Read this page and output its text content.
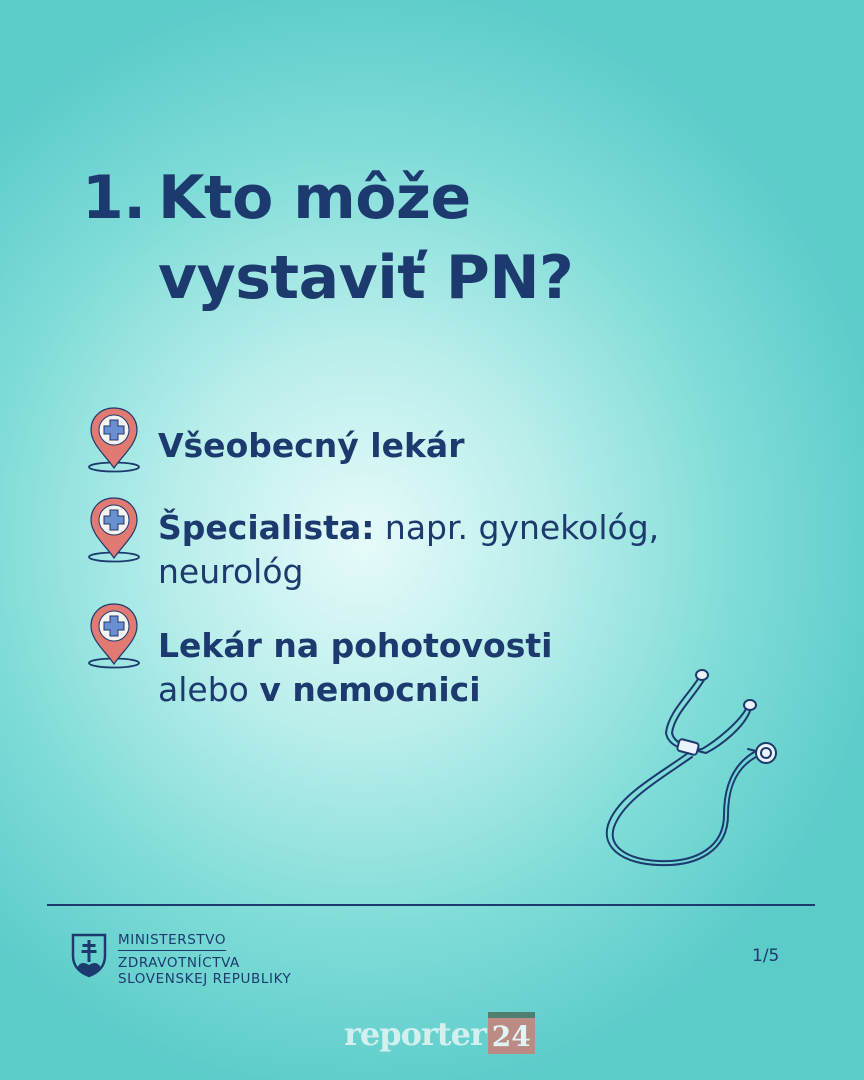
1. Kto môže
vystaviť PN?
Všeobecný lekár
Špecialista: napr. gynekológ, neurológ
Lekár na pohotovosti
alebo v nemocnici
MINISTERSTVO
ZDRAVOTNÍCTVA
SLOVENSKEJ REPUBLIKY
1/5
reporter 24
